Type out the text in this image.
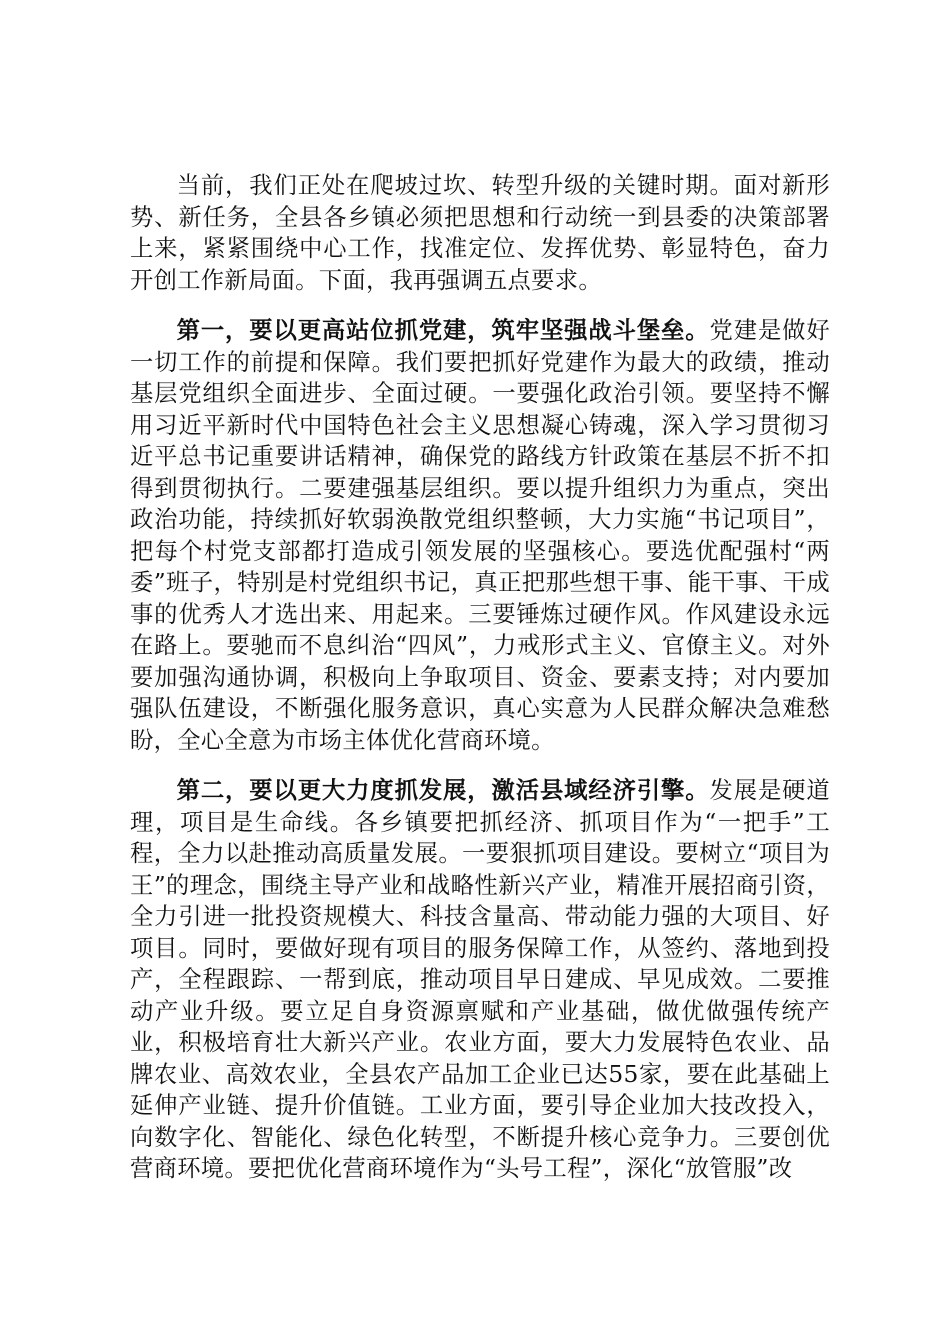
当前，我们正处在爬坡过坎、转型升级的关键时期。面对新形势、新任务，全县各乡镇必须把思想和行动统一到县委的决策部署上来，紧紧围绕中心工作，找准定位、发挥优势、彰显特色，奋力开创工作新局面。下面，我再强调五点要求。

第一，要以更高站位抓党建，筑牢坚强战斗堡垒。党建是做好一切工作的前提和保障。我们要把抓好党建作为最大的政绩，推动基层党组织全面进步、全面过硬。一要强化政治引领。要坚持不懈用习近平新时代中国特色社会主义思想凝心铸魂，深入学习贯彻习近平总书记重要讲话精神，确保党的路线方针政策在基层不折不扣得到贯彻执行。二要建强基层组织。要以提升组织力为重点，突出政治功能，持续抓好软弱涣散党组织整顿，大力实施“书记项目”，把每个村党支部都打造成引领发展的坚强核心。要选优配强村“两委”班子，特别是村党组织书记，真正把那些想干事、能干事、干成事的优秀人才选出来、用起来。三要锤炼过硬作风。作风建设永远在路上。要驰而不息纠治“四风”，力戒形式主义、官僚主义。对外要加强沟通协调，积极向上争取项目、资金、要素支持；对内要加强队伍建设，不断强化服务意识，真心实意为人民群众解决急难愁盼，全心全意为市场主体优化营商环境。

第二，要以更大力度抓发展，激活县域经济引擎。发展是硬道理，项目是生命线。各乡镇要把抓经济、抓项目作为“一把手”工程，全力以赴推动高质量发展。一要狠抓项目建设。要树立“项目为王”的理念，围绕主导产业和战略性新兴产业，精准开展招商引资，全力引进一批投资规模大、科技含量高、带动能力强的大项目、好项目。同时，要做好现有项目的服务保障工作，从签约、落地到投产，全程跟踪、一帮到底，推动项目早日建成、早见成效。二要推动产业升级。要立足自身资源禀赋和产业基础，做优做强传统产业，积极培育壮大新兴产业。农业方面，要大力发展特色农业、品牌农业、高效农业，全县农产品加工企业已达55家，要在此基础上延伸产业链、提升价值链。工业方面，要引导企业加大技改投入，向数字化、智能化、绿色化转型，不断提升核心竞争力。三要创优营商环境。要把优化营商环境作为“头号工程”，深化“放管服”改
